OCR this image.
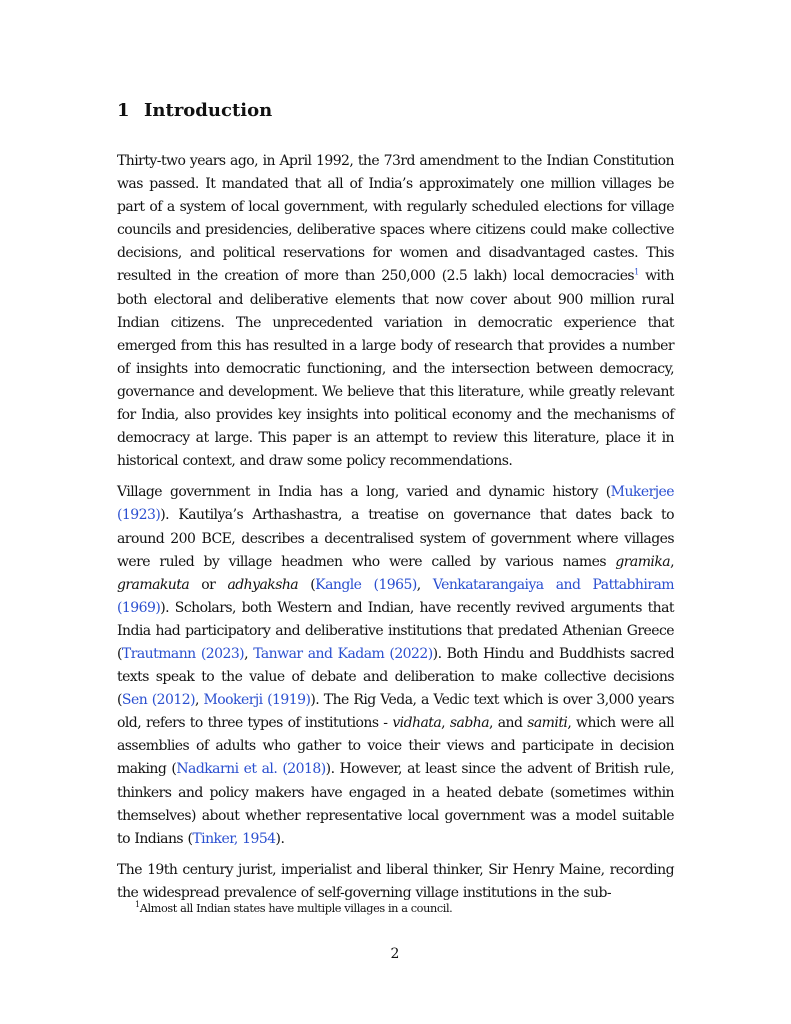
1 Introduction

Thirty-two years ago, in April 1992, the 73rd amendment to the Indian Constitution was passed. It mandated that all of India’s approximately one million villages be part of a system of local government, with regularly scheduled elections for village councils and presidencies, deliberative spaces where citizens could make collective decisions, and political reservations for women and disadvantaged castes. This resulted in the creation of more than 250,000 (2.5 lakh) local democracies$^1$ with both electoral and deliberative elements that now cover about 900 million rural Indian citizens. The unprecedented variation in democratic experience that emerged from this has resulted in a large body of research that provides a number of insights into democratic functioning, and the intersection between democracy, governance and development. We believe that this literature, while greatly relevant for India, also provides key insights into political economy and the mechanisms of democracy at large. This paper is an attempt to review this literature, place it in historical context, and draw some policy recommendations.

Village government in India has a long, varied and dynamic history (Mukerjee (1923)). Kautilya’s Arthashastra, a treatise on governance that dates back to around 200 BCE, describes a decentralised system of government where villages were ruled by village headmen who were called by various names gramika, gramakuta or adhyaksha (Kangle (1965), Venkatarangaiya and Pattabhiram (1969)). Scholars, both Western and Indian, have recently revived arguments that India had participatory and deliberative institutions that predated Athenian Greece (Trautmann (2023), Tanwar and Kadam (2022)). Both Hindu and Buddhists sacred texts speak to the value of debate and deliberation to make collective decisions (Sen (2012), Mookerji (1919)). The Rig Veda, a Vedic text which is over 3,000 years old, refers to three types of institutions - vidhata, sabha, and samiti, which were all assemblies of adults who gather to voice their views and participate in decision making (Nadkarni et al. (2018)). However, at least since the advent of British rule, thinkers and policy makers have engaged in a heated debate (sometimes within themselves) about whether representative local government was a model suitable to Indians (Tinker, 1954).

The 19th century jurist, imperialist and liberal thinker, Sir Henry Maine, recording the widespread prevalence of self-governing village institutions in the sub-

$^1$Almost all Indian states have multiple villages in a council.
2
